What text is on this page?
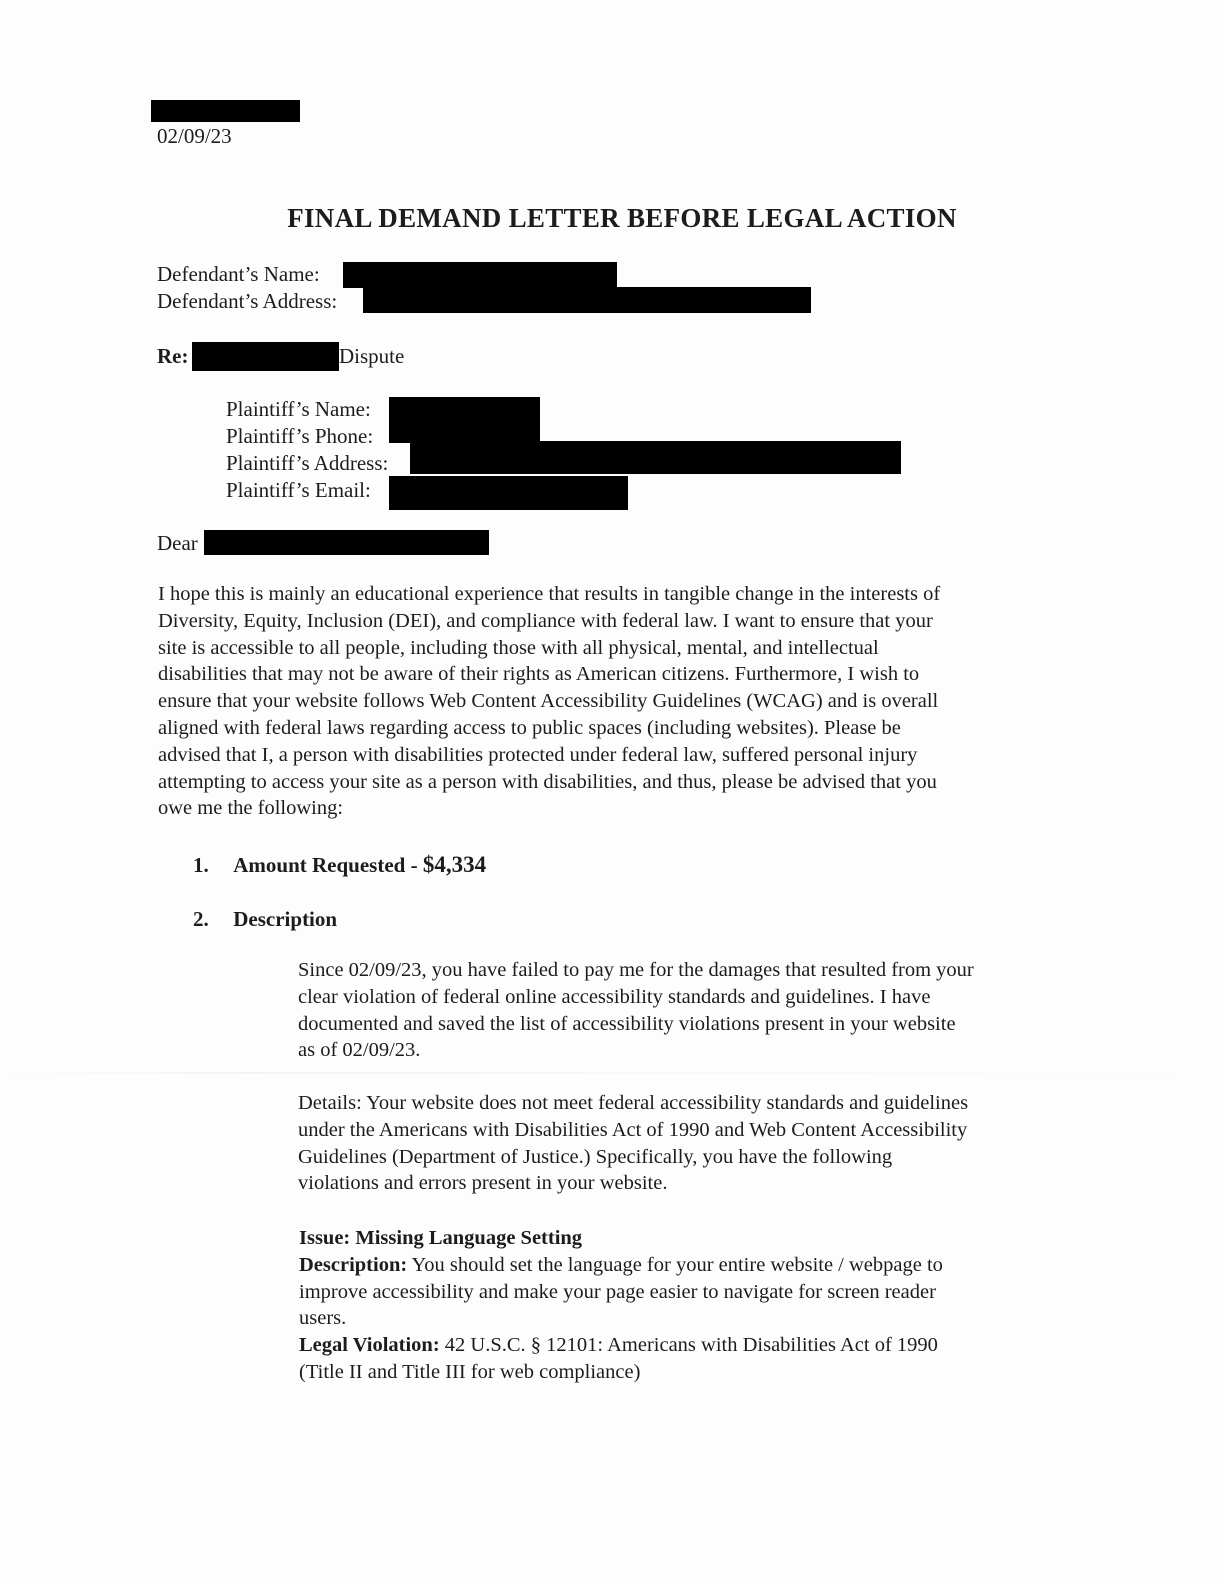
02/09/23
FINAL DEMAND LETTER BEFORE LEGAL ACTION
Defendant’s Name:
Defendant’s Address:
Re:	Dispute
Plaintiff’s Name:
Plaintiff’s Phone:
Plaintiff’s Address:
Plaintiff’s Email:
Dear
I hope this is mainly an educational experience that results in tangible change in the interests of
Diversity, Equity, Inclusion (DEI), and compliance with federal law. I want to ensure that your
site is accessible to all people, including those with all physical, mental, and intellectual
disabilities that may not be aware of their rights as American citizens. Furthermore, I wish to
ensure that your website follows Web Content Accessibility Guidelines (WCAG) and is overall
aligned with federal laws regarding access to public spaces (including websites). Please be
advised that I, a person with disabilities protected under federal law, suffered personal injury
attempting to access your site as a person with disabilities, and thus, please be advised that you
owe me the following:
1. Amount Requested - $4,334
2. Description
Since 02/09/23, you have failed to pay me for the damages that resulted from your
clear violation of federal online accessibility standards and guidelines. I have
documented and saved the list of accessibility violations present in your website
as of 02/09/23.
Details: Your website does not meet federal accessibility standards and guidelines
under the Americans with Disabilities Act of 1990 and Web Content Accessibility
Guidelines (Department of Justice.) Specifically, you have the following
violations and errors present in your website.
Issue: Missing Language Setting
Description: You should set the language for your entire website / webpage to
improve accessibility and make your page easier to navigate for screen reader
users.
Legal Violation: 42 U.S.C. § 12101: Americans with Disabilities Act of 1990
(Title II and Title III for web compliance)
